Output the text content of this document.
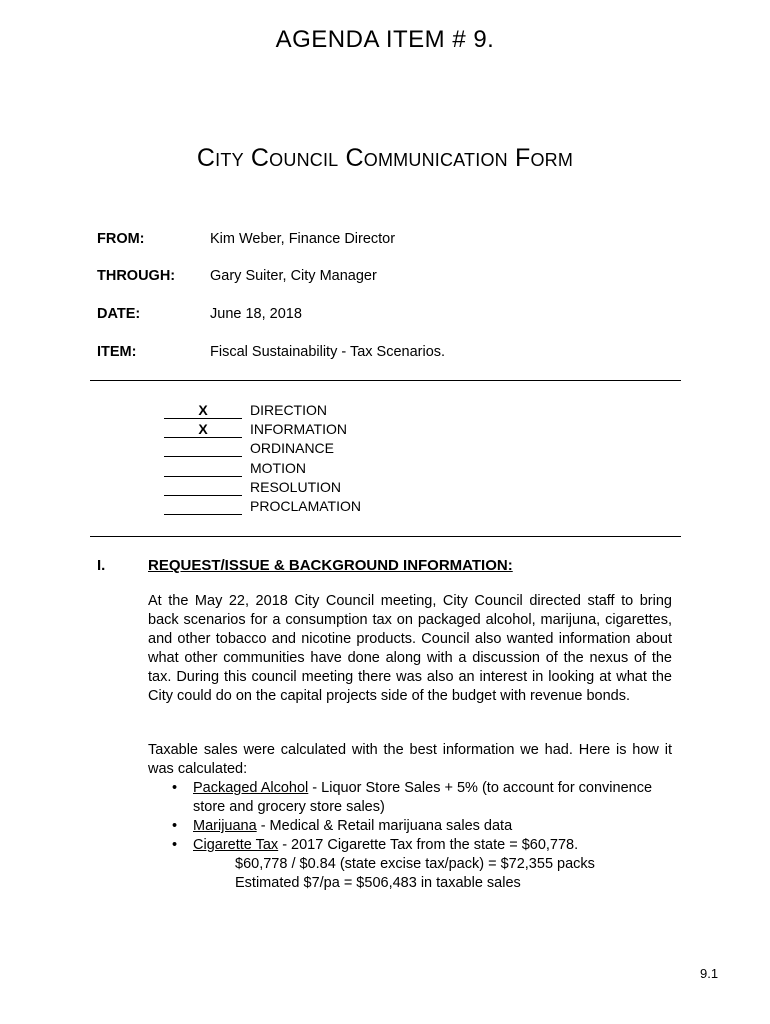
AGENDA ITEM # 9.
City Council Communication Form
FROM:	Kim Weber, Finance Director
THROUGH: Gary Suiter, City Manager
DATE:	June 18, 2018
ITEM:	Fiscal Sustainability - Tax Scenarios.
X	DIRECTION
X	INFORMATION
ORDINANCE
MOTION
RESOLUTION
PROCLAMATION
I.	REQUEST/ISSUE & BACKGROUND INFORMATION:

At the May 22, 2018 City Council meeting, City Council directed staff to bring back scenarios for a consumption tax on packaged alcohol, marijuna, cigarettes, and other tobacco and nicotine products. Council also wanted information about what other communities have done along with a discussion of the nexus of the tax. During this council meeting there was also an interest in looking at what the City could do on the capital projects side of the budget with revenue bonds.

Taxable sales were calculated with the best information we had. Here is how it was calculated:

• Packaged Alcohol - Liquor Store Sales + 5% (to account for convinence store and grocery store sales)
• Marijuana - Medical & Retail marijuana sales data
• Cigarette Tax - 2017 Cigarette Tax from the state = $60,778.
$60,778 / $0.84 (state excise tax/pack) = $72,355 packs
Estimated $7/pa = $506,483 in taxable sales
9.1
